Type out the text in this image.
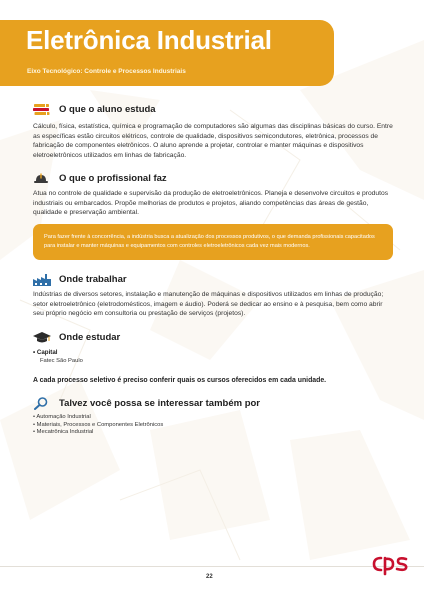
Eletrônica Industrial
Eixo Tecnológico: Controle e Processos Industriais
O que o aluno estuda

Cálculo, física, estatística, química e programação de computadores são algumas das disciplinas básicas do curso. Entre as específicas estão circuitos elétricos, controle de qualidade, dispositivos semicondutores, eletrônica, processos de fabricação de componentes eletrônicos. O aluno aprende a projetar, controlar e manter máquinas e dispositivos eletroeletrônicos utilizados em linhas de fabricação.

O que o profissional faz

Atua no controle de qualidade e supervisão da produção de eletroeletrônicos. Planeja e desenvolve circuitos e produtos industriais ou embarcados. Propõe melhorias de produtos e projetos, aliando competências das áreas de gestão, qualidade e preservação ambiental.

Para fazer frente à concorrência, a indústria busca a atualização dos processos produtivos, o que demanda profissionais capacitados para instalar e manter máquinas e equipamentos com controles eletroeletrônicos cada vez mais modernos.

Onde trabalhar

Indústrias de diversos setores, instalação e manutenção de máquinas e dispositivos utilizados em linhas de produção; setor eletroeletrônico (eletrodomésticos, imagem e áudio). Poderá se dedicar ao ensino e à pesquisa, bem como abrir seu próprio negócio em consultoria ou prestação de serviços (projetos).

Onde estudar
• Capital
Fatec São Paulo

A cada processo seletivo é preciso conferir quais os cursos oferecidos em cada unidade.

Talvez você possa se interessar também por
• Automação Industrial
• Materiais, Processos e Componentes Eletrônicos
• Mecatrônica Industrial
22
